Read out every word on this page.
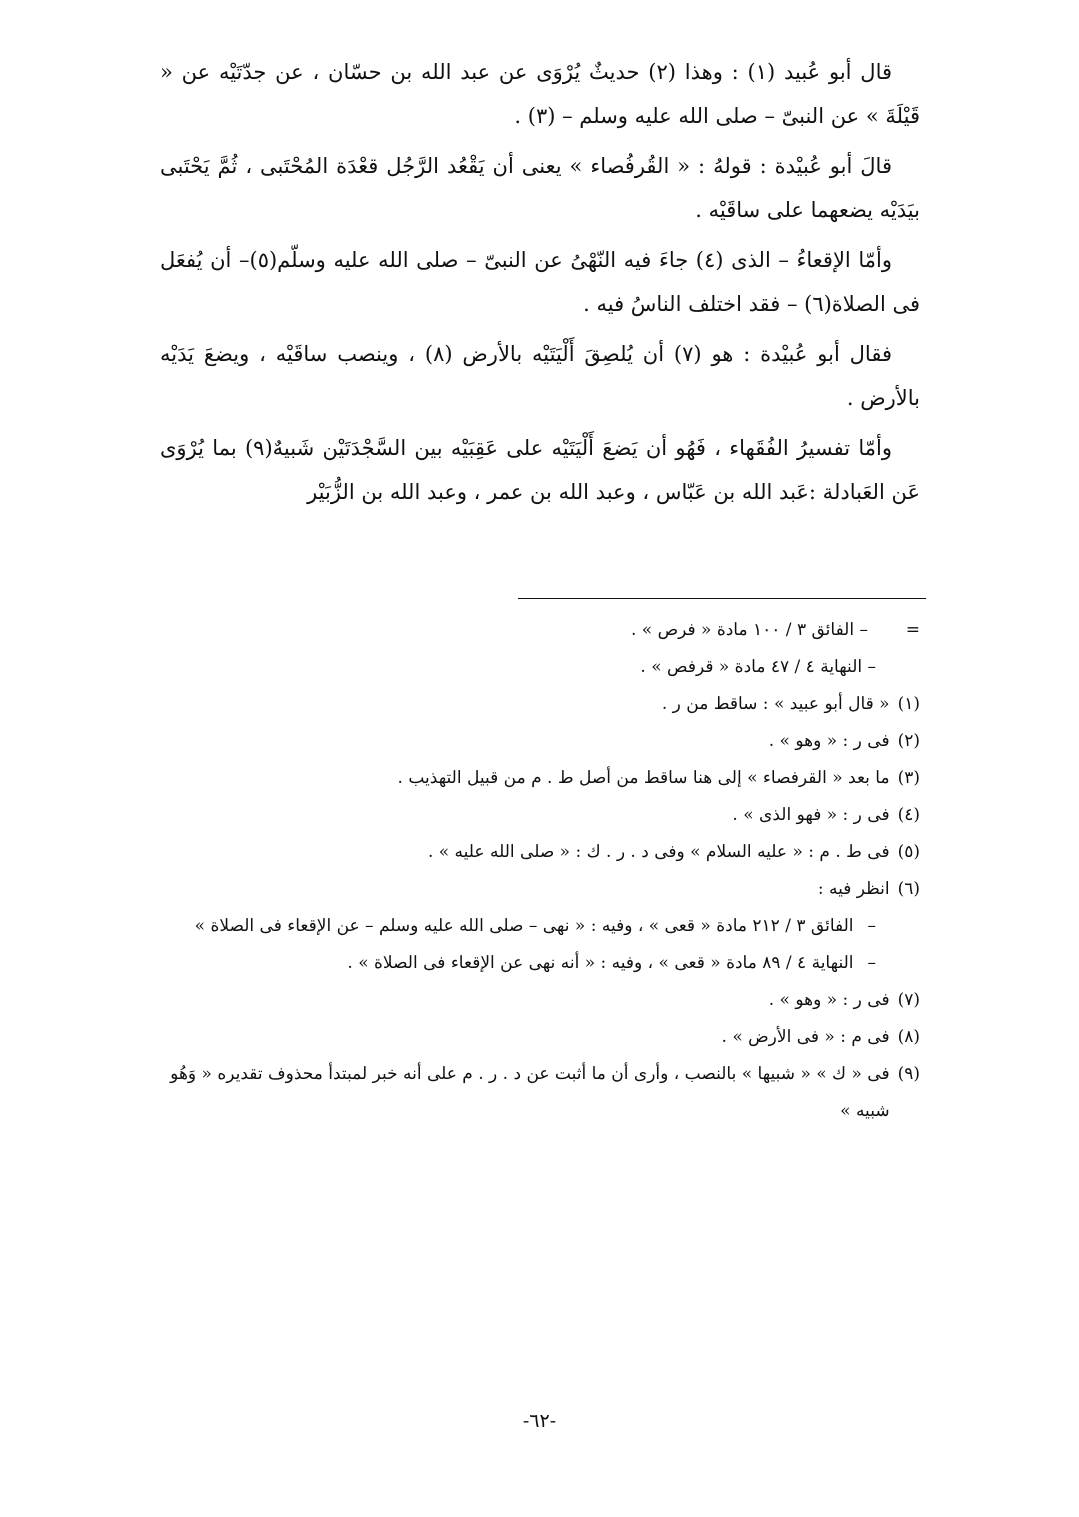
قال أبو عُبيد (١) : وهذا (٢) حديثٌ يُرْوَى عن عبد الله بن حسّان ، عن جدّتَيْه عن « قَيْلَةَ » عن النبىّ – صلى الله عليه وسلم – (٣) .

قالَ أبو عُبيْدة : قولهُ : « القُرفُصاء » يعنى أن يَقْعُد الرَّجُل قعْدَة المُحْتَبى ، ثُمَّ يَحْتَبى بيَدَيْه يضعهما على ساقَيْه .

وأمّا الإقعاءُ – الذى (٤) جاءَ فيه النّهْىُ عن النبىّ – صلى الله عليه وسلّم(٥)– أن يُفعَل فى الصلاة(٦) – فقد اختلف الناسُ فيه .

فقال أبو عُبيْدة : هو (٧) أن يُلصِقَ أَلْيَتَيْه بالأرض (٨) ، وينصب ساقَيْه ، ويضعَ يَدَيْه بالأرض .

وأمّا تفسيرُ الفُقَهاء ، فَهُو أن يَضعَ أَلْيَتَيْه على عَقِبَيْه بين السَّجْدَتَيْن شَبيهٌ(٩) بما يُرْوَى عَن العَبادلة :عَبد الله بن عَبّاس ، وعبد الله بن عمر ، وعبد الله بن الزُّبَيْر

=
– الفائق ٣ / ١٠٠ مادة « فرص » .
– النهاية ٤ / ٤٧ مادة « قرفص » .
(١)
« قال أبو عبيد » : ساقط من ر .
(٢)
فى ر : « وهو » .
(٣)
ما بعد « القرفصاء » إلى هنا ساقط من أصل ط . م من قبيل التهذيب .
(٤)
فى ر : « فهو الذى » .
(٥)
فى ط . م : « عليه السلام » وفى د . ر . ك : « صلى الله عليه » .
(٦)
انظر فيه :
–
الفائق ٣ / ٢١٢ مادة « قعى » ، وفيه : « نهى – صلى الله عليه وسلم – عن الإقعاء فى الصلاة »
–
النهاية ٤ / ٨٩ مادة « قعى » ، وفيه : « أنه نهى عن الإقعاء فى الصلاة » .
(٧)
فى ر : « وهو » .
(٨)
فى م : « فى الأرض » .
(٩)
فى « ك » « شبيها » بالنصب ، وأرى أن ما أثبت عن د . ر . م على أنه خبر لمبتدأ محذوف تقديره « وَهُو شبيه »
-٦٢-
